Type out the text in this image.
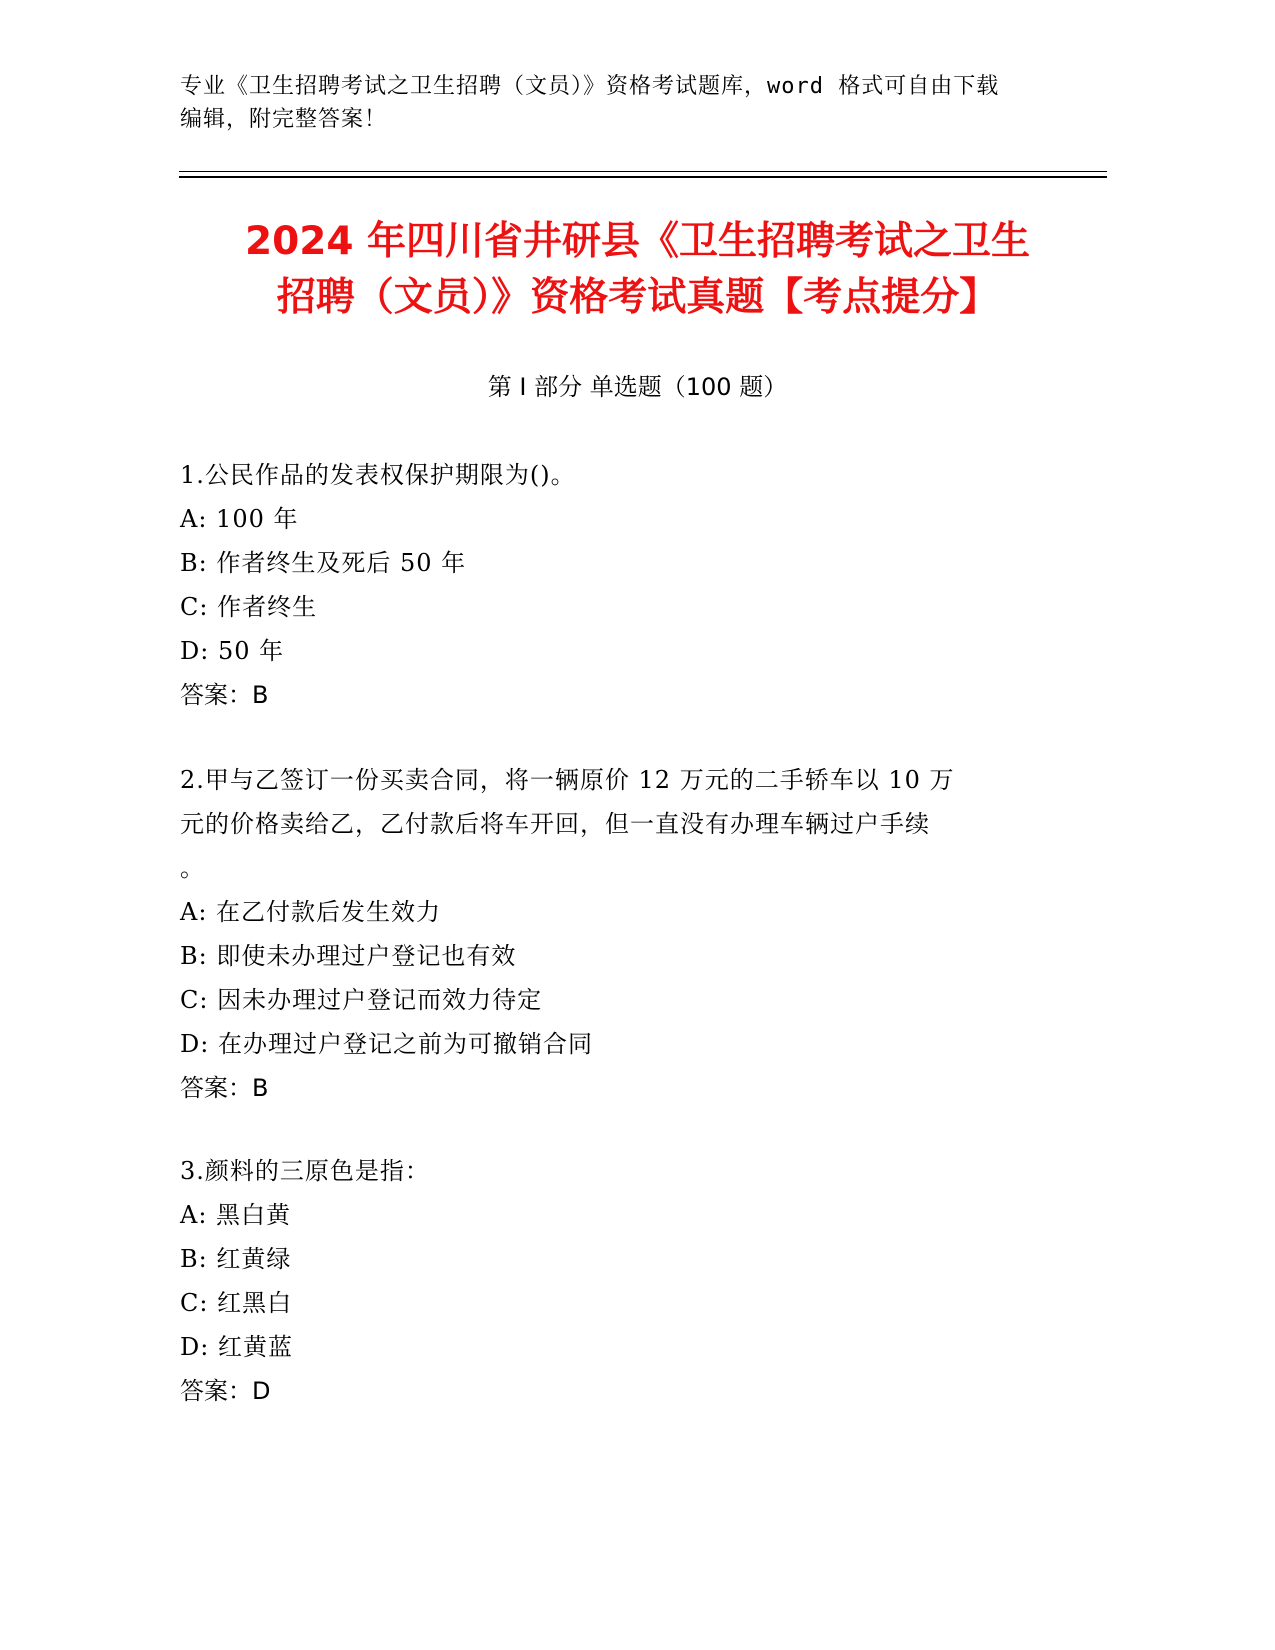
专业《卫生招聘考试之卫生招聘（文员）》资格考试题库，word 格式可自由下载
编辑，附完整答案！
2024 年四川省井研县《卫生招聘考试之卫生
招聘（文员）》资格考试真题【考点提分】
第 I 部分 单选题（100 题）

1.公民作品的发表权保护期限为()。

A: 100 年

B: 作者终生及死后 50 年

C: 作者终生

D: 50 年

答案：B

2.甲与乙签订一份买卖合同，将一辆原价 12 万元的二手轿车以 10 万

元的价格卖给乙，乙付款后将车开回，但一直没有办理车辆过户手续

。

A: 在乙付款后发生效力

B: 即使未办理过户登记也有效

C: 因未办理过户登记而效力待定

D: 在办理过户登记之前为可撤销合同

答案：B

3.颜料的三原色是指：

A: 黑白黄

B: 红黄绿

C: 红黑白

D: 红黄蓝

答案：D
